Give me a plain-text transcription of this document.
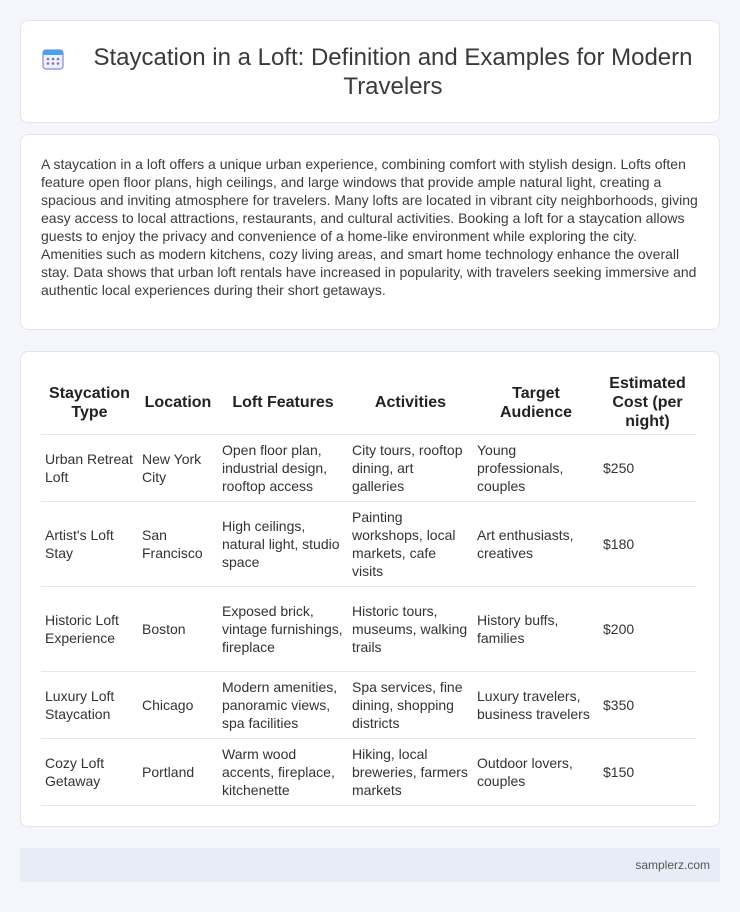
Staycation in a Loft: Definition and Examples for Modern Travelers

A staycation in a loft offers a unique urban experience, combining comfort with stylish design. Lofts often feature open floor plans, high ceilings, and large windows that provide ample natural light, creating a spacious and inviting atmosphere for travelers. Many lofts are located in vibrant city neighborhoods, giving easy access to local attractions, restaurants, and cultural activities. Booking a loft for a staycation allows guests to enjoy the privacy and convenience of a home-like environment while exploring the city. Amenities such as modern kitchens, cozy living areas, and smart home technology enhance the overall stay. Data shows that urban loft rentals have increased in popularity, with travelers seeking immersive and authentic local experiences during their short getaways.

Staycation Type	Location	Loft Features	Activities	Target Audience	Estimated Cost (per night)
Urban Retreat Loft	New York City	Open floor plan, industrial design, rooftop access	City tours, rooftop dining, art galleries	Young professionals, couples	$250
Artist's Loft Stay	San Francisco	High ceilings, natural light, studio space	Painting workshops, local markets, cafe visits	Art enthusiasts, creatives	$180
Historic Loft Experience	Boston	Exposed brick, vintage furnishings, fireplace	Historic tours, museums, walking trails	History buffs, families	$200
Luxury Loft Staycation	Chicago	Modern amenities, panoramic views, spa facilities	Spa services, fine dining, shopping districts	Luxury travelers, business travelers	$350
Cozy Loft Getaway	Portland	Warm wood accents, fireplace, kitchenette	Hiking, local breweries, farmers markets	Outdoor lovers, couples	$150
samplerz.com
